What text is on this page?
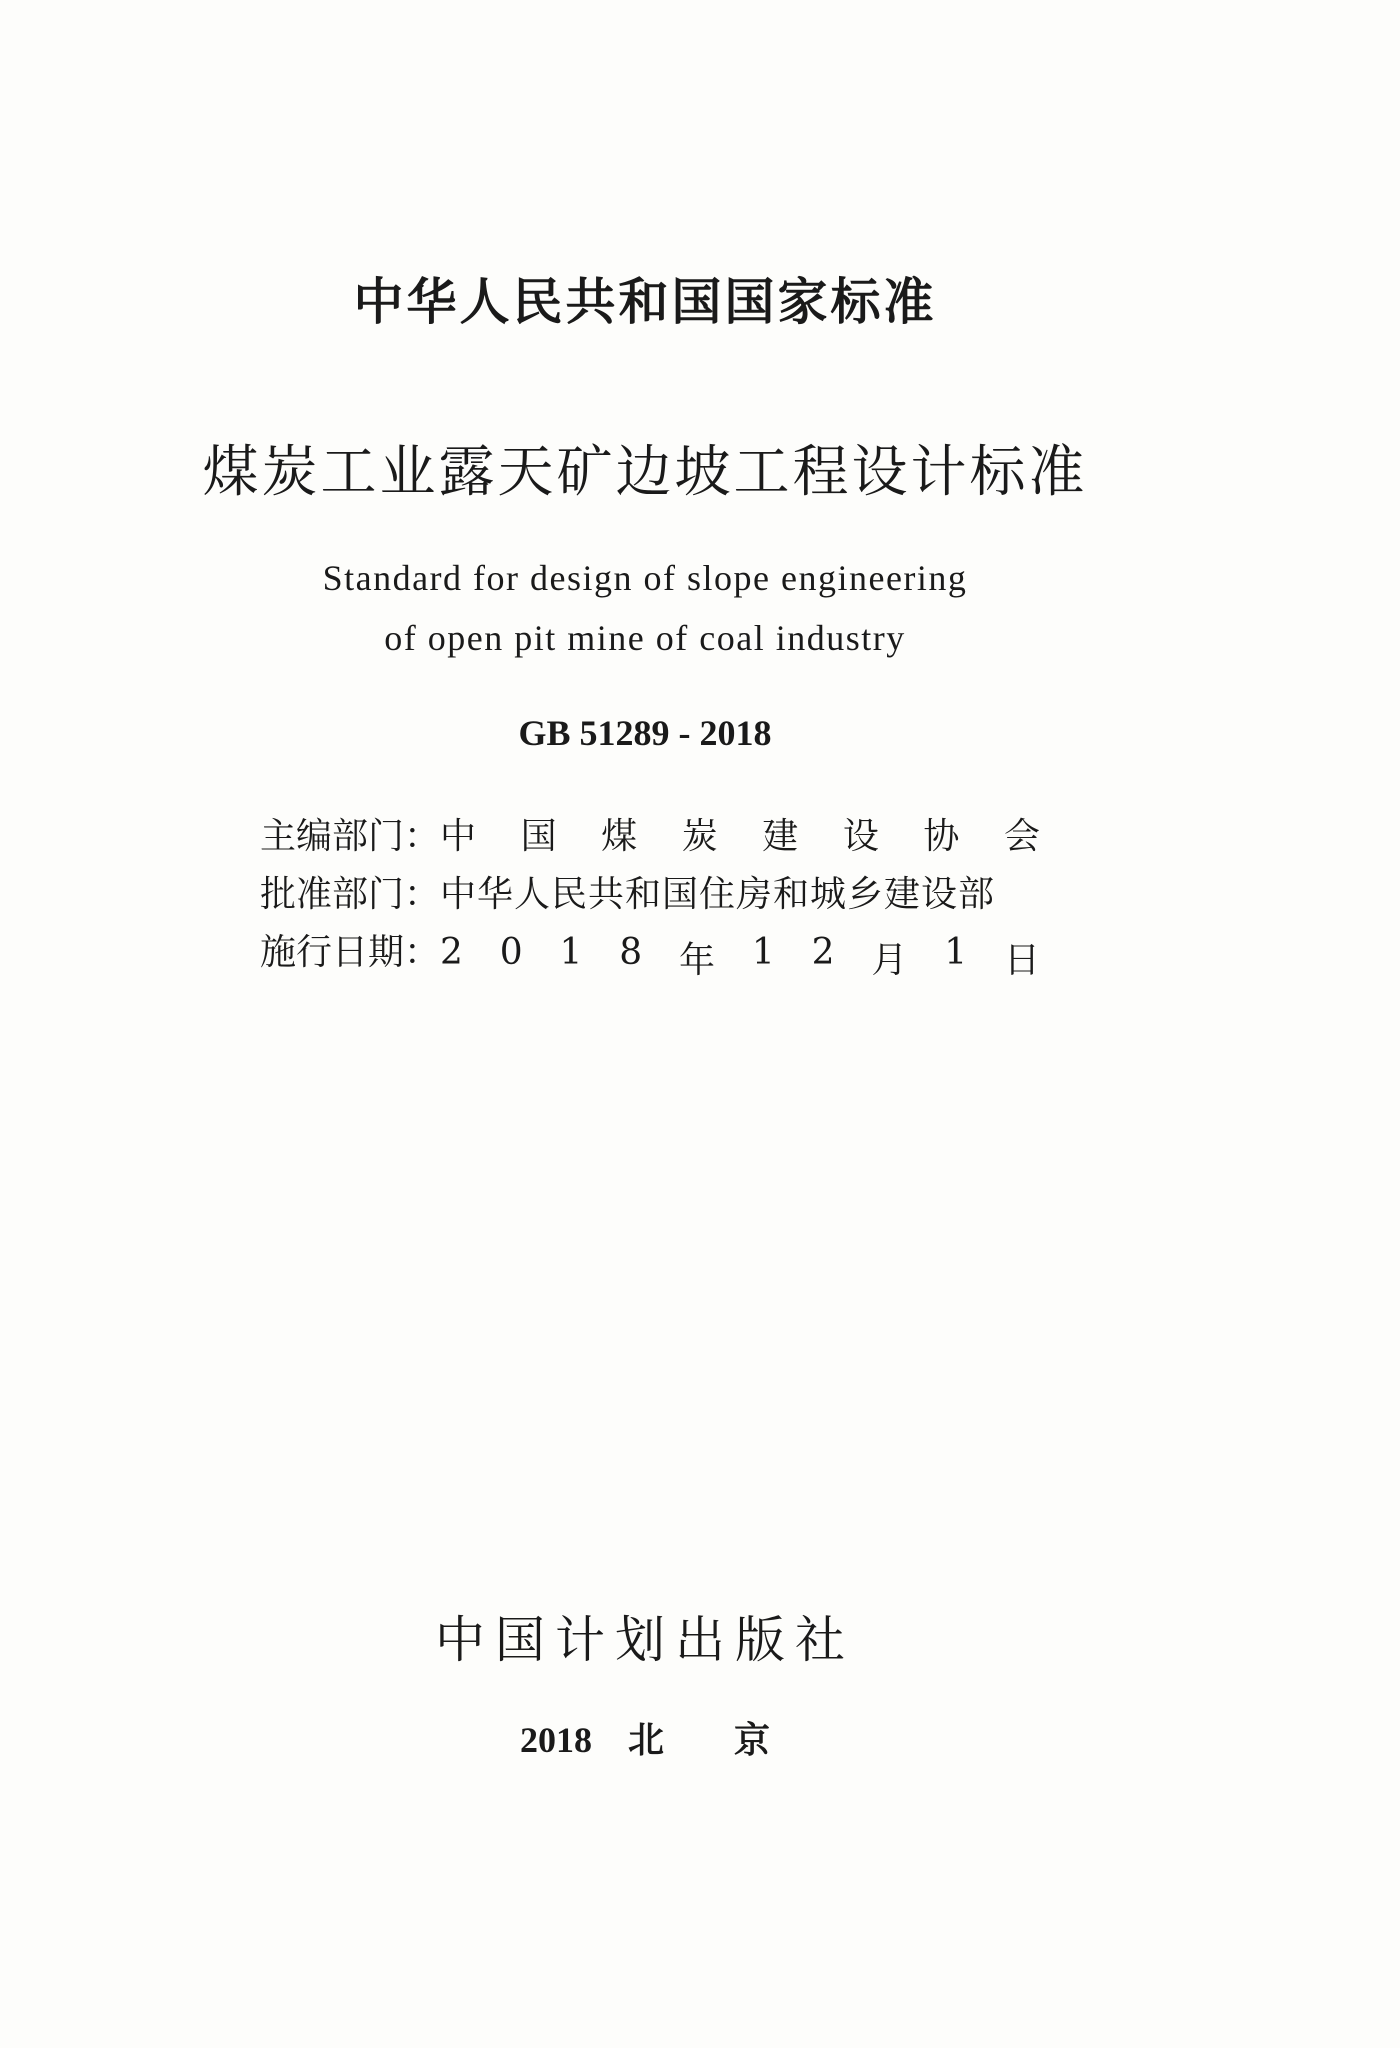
中华人民共和国国家标准
煤炭工业露天矿边坡工程设计标准
Standard for design of slope engineering
of open pit mine of coal industry
GB 51289 - 2018
主编部门： 中 国 煤 炭 建 设 协 会
批准部门： 中华人民共和国住房和城乡建设部
施行日期： 2 0 1 8 年 1 2 月 1 日
中国计划出版社
2018 北 京
